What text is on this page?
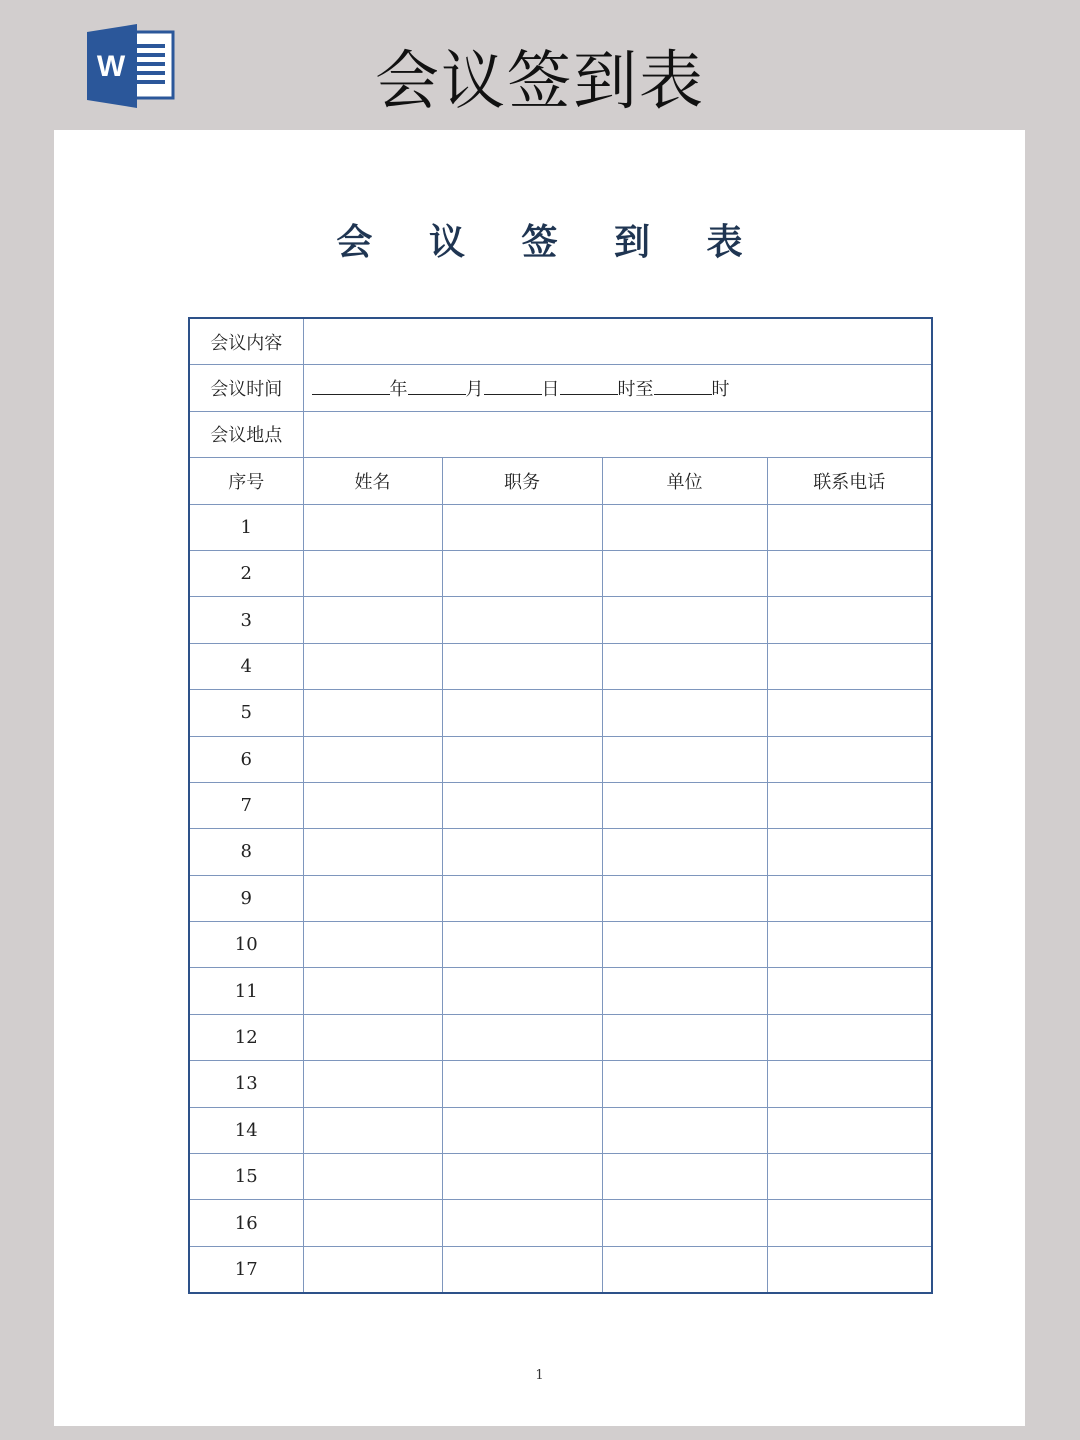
W	会议签到表
会 议 签 到 表
会议内容				
会议时间	年 月 日 时至 时			
会议地点				
序号	姓名	职务	单位	联系电话
1				
2				
3				
4				
5				
6				
7				
8				
9				
10				
11				
12				
13				
14				
15				
16				
17				
1
